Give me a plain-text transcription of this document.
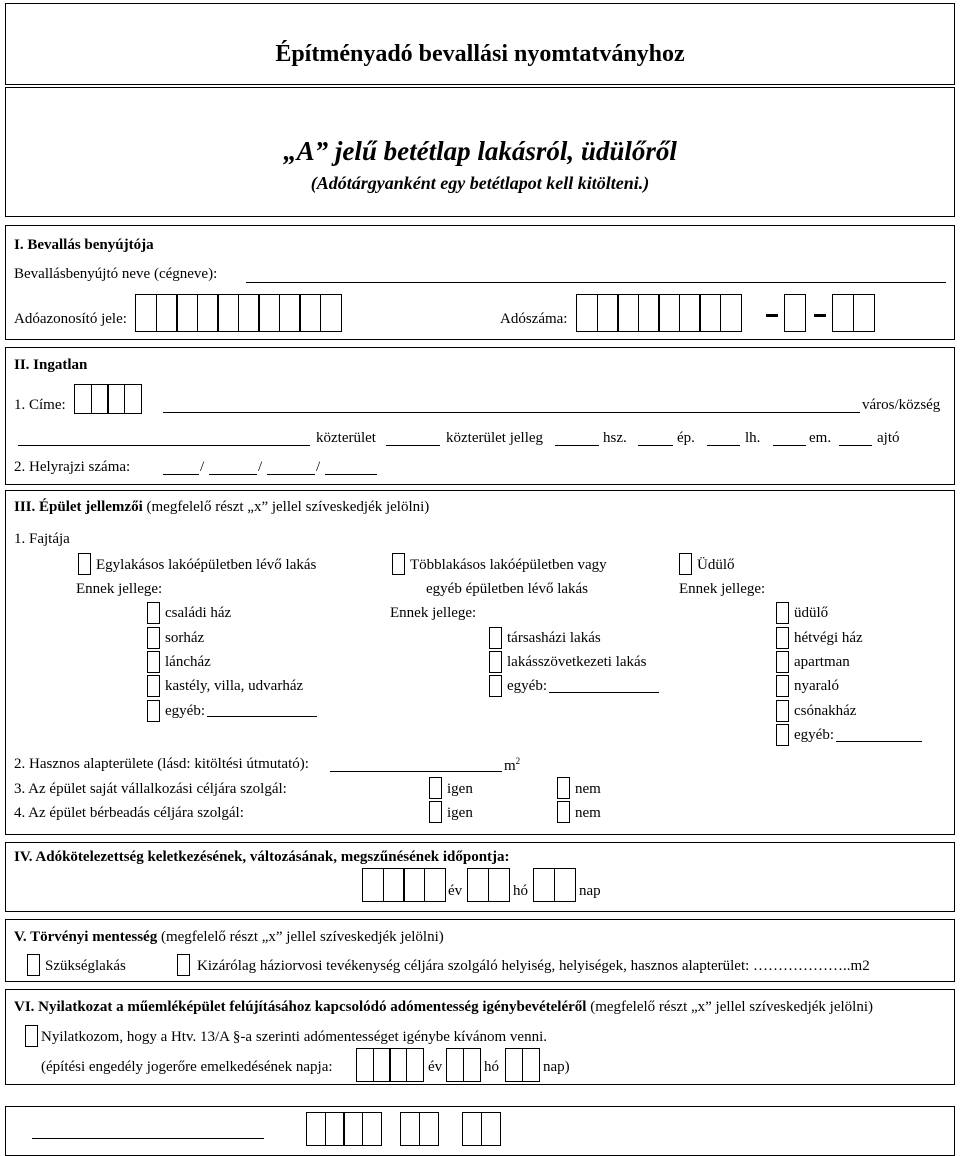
Építményadó bevallási nyomtatványhoz
„A” jelű betétlap lakásról, üdülőről
(Adótárgyanként egy betétlapot kell kitölteni.)
I. Bevallás benyújtója
Bevallásbenyújtó neve (cégneve):
Adóazonosító jele:	Adószáma:
II. Ingatlan
1. Címe:	város/község
közterület	közterület jelleg	hsz.	ép.	lh.	em.	ajtó
2. Helyrajzi száma:	/	/	/
III. Épület jellemzői (megfelelő részt „x” jellel szíveskedjék jelölni)
1. Fajtája
Egylakásos lakóépületben lévő lakás
Ennek jellege:
családi ház
sorház
láncház
kastély, villa, udvarház
egyéb:
Többlakásos lakóépületben vagy
egyéb épületben lévő lakás
Ennek jellege:
társasházi lakás
lakásszövetkezeti lakás
egyéb:
Üdülő
Ennek jellege:
üdülő
hétvégi ház
apartman
nyaraló
csónakház
egyéb:
2. Hasznos alapterülete (lásd: kitöltési útmutató):	$m^2$
3. Az épület saját vállalkozási céljára szolgál:	igen	nem
4. Az épület bérbeadás céljára szolgál:	igen	nem
IV. Adókötelezettség keletkezésének, változásának, megszűnésének időpontja:
év	hó	nap
V. Törvényi mentesség (megfelelő részt „x” jellel szíveskedjék jelölni)
Szükséglakás	Kizárólag háziorvosi tevékenység céljára szolgáló helyiség, helyiségek, hasznos alapterület: ………………..m2
VI. Nyilatkozat a műemléképület felújításához kapcsolódó adómentesség igénybevételéről (megfelelő részt „x” jellel szíveskedjék jelölni)
Nyilatkozom, hogy a Htv. 13/A §-a szerinti adómentességet igénybe kívánom venni.
(építési engedély jogerőre emelkedésének napja:	év	hó	nap)
